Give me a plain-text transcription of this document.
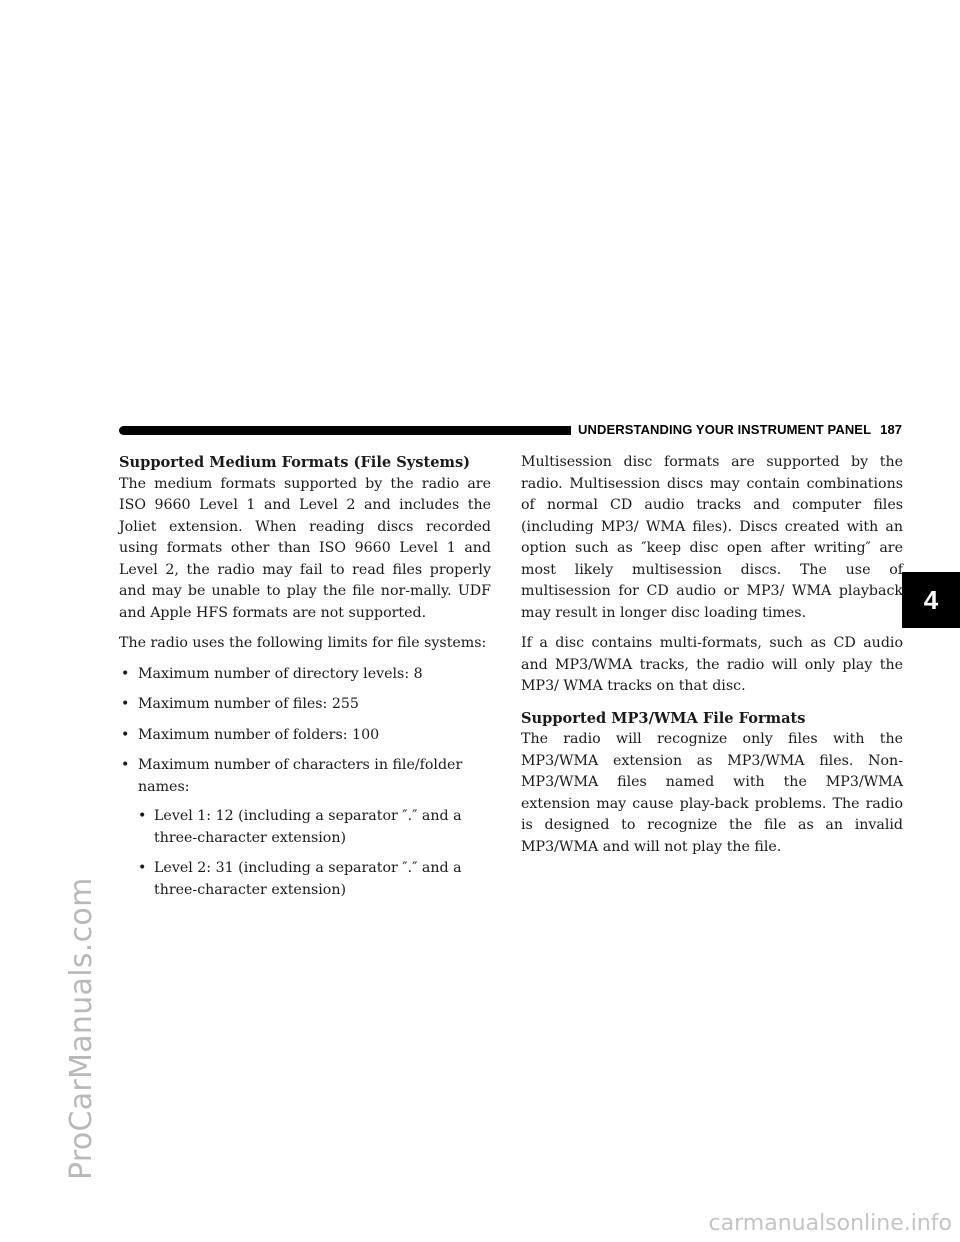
UNDERSTANDING YOUR INSTRUMENT PANEL 187
4
ProCarManuals.com
carmanualsonline.info
Supported Medium Formats (File Systems)

The medium formats supported by the radio are ISO 9660 Level 1 and Level 2 and includes the Joliet extension. When reading discs recorded using formats other than ISO 9660 Level 1 and Level 2, the radio may fail to read files properly and may be unable to play the file nor-mally. UDF and Apple HFS formats are not supported.

The radio uses the following limits for file systems:

• Maximum number of directory levels: 8
• Maximum number of files: 255
• Maximum number of folders: 100
• Maximum number of characters in file/folder names:
• Level 1: 12 (including a separator ″.″ and a three-character extension)
• Level 2: 31 (including a separator ″.″ and a three-character extension)

Multisession disc formats are supported by the radio. Multisession discs may contain combinations of normal CD audio tracks and computer files (including MP3/ WMA files). Discs created with an option such as ″keep disc open after writing″ are most likely multisession discs. The use of multisession for CD audio or MP3/ WMA playback may result in longer disc loading times.

If a disc contains multi-formats, such as CD audio and MP3/WMA tracks, the radio will only play the MP3/ WMA tracks on that disc.

Supported MP3/WMA File Formats

The radio will recognize only files with the MP3/WMA extension as MP3/WMA files. Non-MP3/WMA files named with the MP3/WMA extension may cause play-back problems. The radio is designed to recognize the file as an invalid MP3/WMA and will not play the file.
